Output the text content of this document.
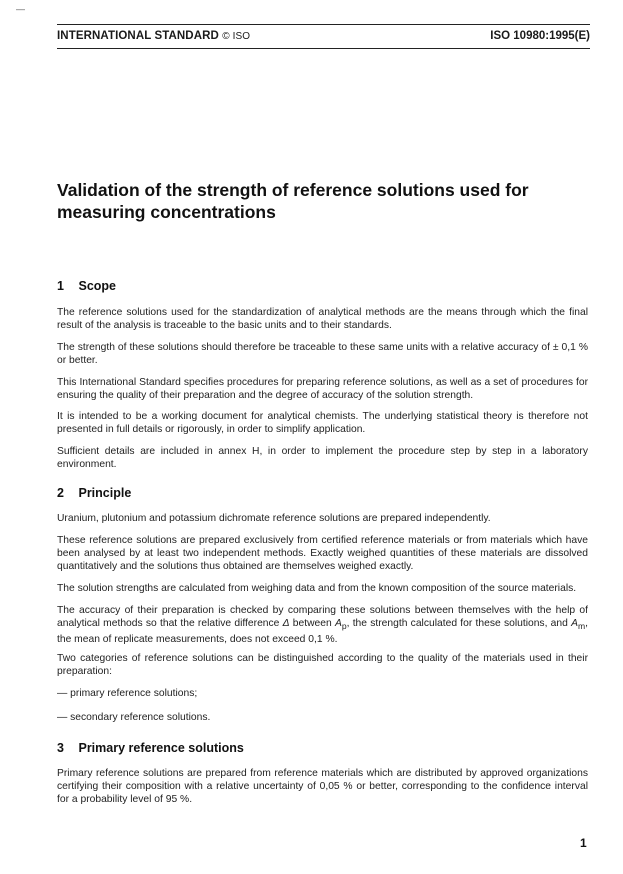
—
INTERNATIONAL STANDARD © ISO	ISO 10980:1995(E)
Validation of the strength of reference solutions used for measuring concentrations
1 Scope

The reference solutions used for the standardization of analytical methods are the means through which the final result of the analysis is traceable to the basic units and to their standards.

The strength of these solutions should therefore be traceable to these same units with a relative accuracy of ± 0,1 % or better.

This International Standard specifies procedures for preparing reference solutions, as well as a set of procedures for ensuring the quality of their preparation and the degree of accuracy of the solution strength.

It is intended to be a working document for analytical chemists. The underlying statistical theory is therefore not presented in full details or rigorously, in order to simplify application.

Sufficient details are included in annex H, in order to implement the procedure step by step in a laboratory environment.

2 Principle

Uranium, plutonium and potassium dichromate reference solutions are prepared independently.

These reference solutions are prepared exclusively from certified reference materials or from materials which have been analysed by at least two independent methods. Exactly weighed quantities of these materials are dissolved quantitatively and the solutions thus obtained are themselves weighed exactly.

The solution strengths are calculated from weighing data and from the known composition of the source materials.

The accuracy of their preparation is checked by comparing these solutions between themselves with the help of analytical methods so that the relative difference Δ between $A_p$, the strength calculated for these solutions, and $A_m$, the mean of replicate measurements, does not exceed 0,1 %.

Two categories of reference solutions can be distinguished according to the quality of the materials used in their preparation:

— primary reference solutions;

— secondary reference solutions.

3 Primary reference solutions

Primary reference solutions are prepared from reference materials which are distributed by approved organizations certifying their composition with a relative uncertainty of 0,05 % or better, corresponding to the confidence interval for a probability level of 95 %.

1
